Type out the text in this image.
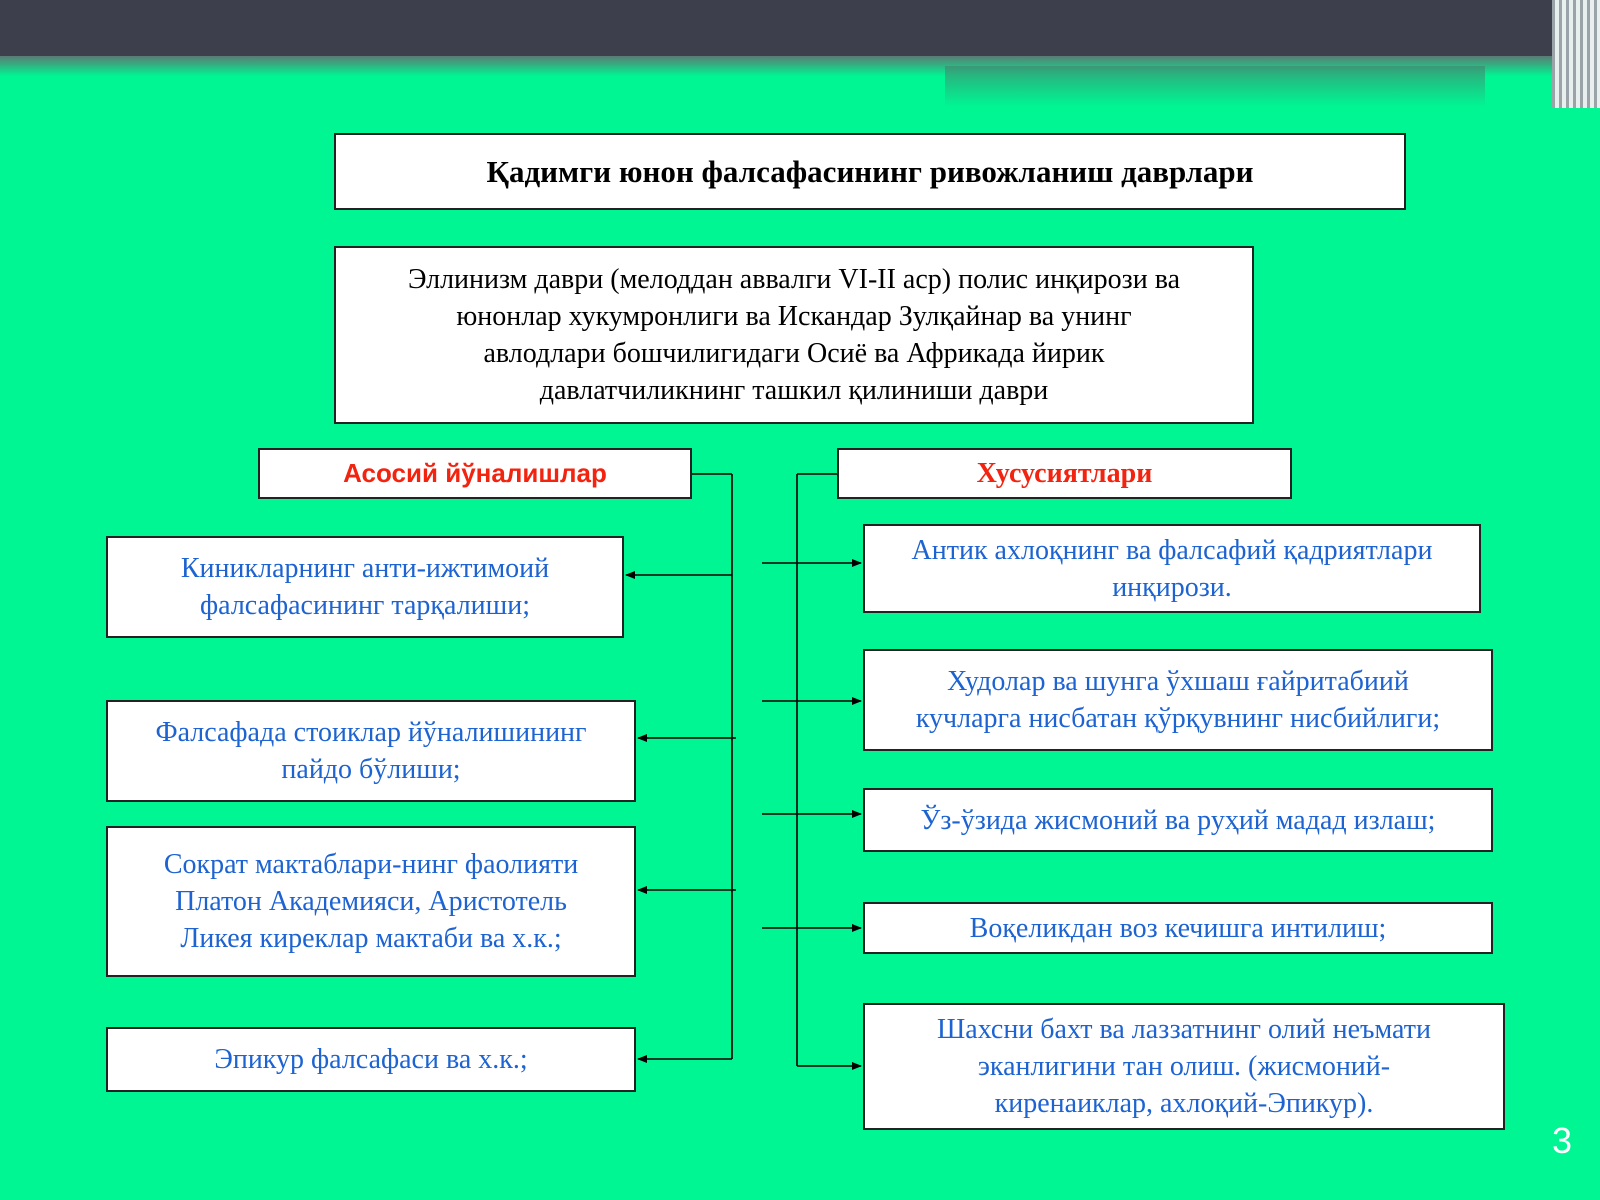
Қадимги юнон фалсафасининг ривожланиш даврлари
Эллинизм даври (мелоддан аввалги VI-II аср) полис инқирози ва
юнонлар хукумронлиги ва Искандар Зулқайнар ва унинг
авлодлари бошчилигидаги Осиё ва Африкада йирик
давлатчиликнинг ташкил қилиниши даври
Асосий йўналишлар	Хусусиятлари
Киникларнинг анти-ижтимоий
фалсафасининг тарқалиши;
Фалсафада стоиклар йўналишининг
пайдо бўлиши;
Сократ мактаблари-нинг фаолияти
Платон Академияси, Аристотель
Ликея киреклар мактаби ва х.к.;
Эпикур фалсафаси ва х.к.;
Антик ахлоқнинг ва фалсафий қадриятлари
инқирози.
Худолар ва шунга ўхшаш ғайритабиий
кучларга нисбатан қўрқувнинг нисбийлиги;
Ўз-ўзида жисмоний ва руҳий мадад излаш;
Воқеликдан воз кечишга интилиш;
Шахсни бахт ва лаззатнинг олий неъмати
эканлигини тан олиш. (жисмоний-
киренаиклар, ахлоқий-Эпикур).
3
